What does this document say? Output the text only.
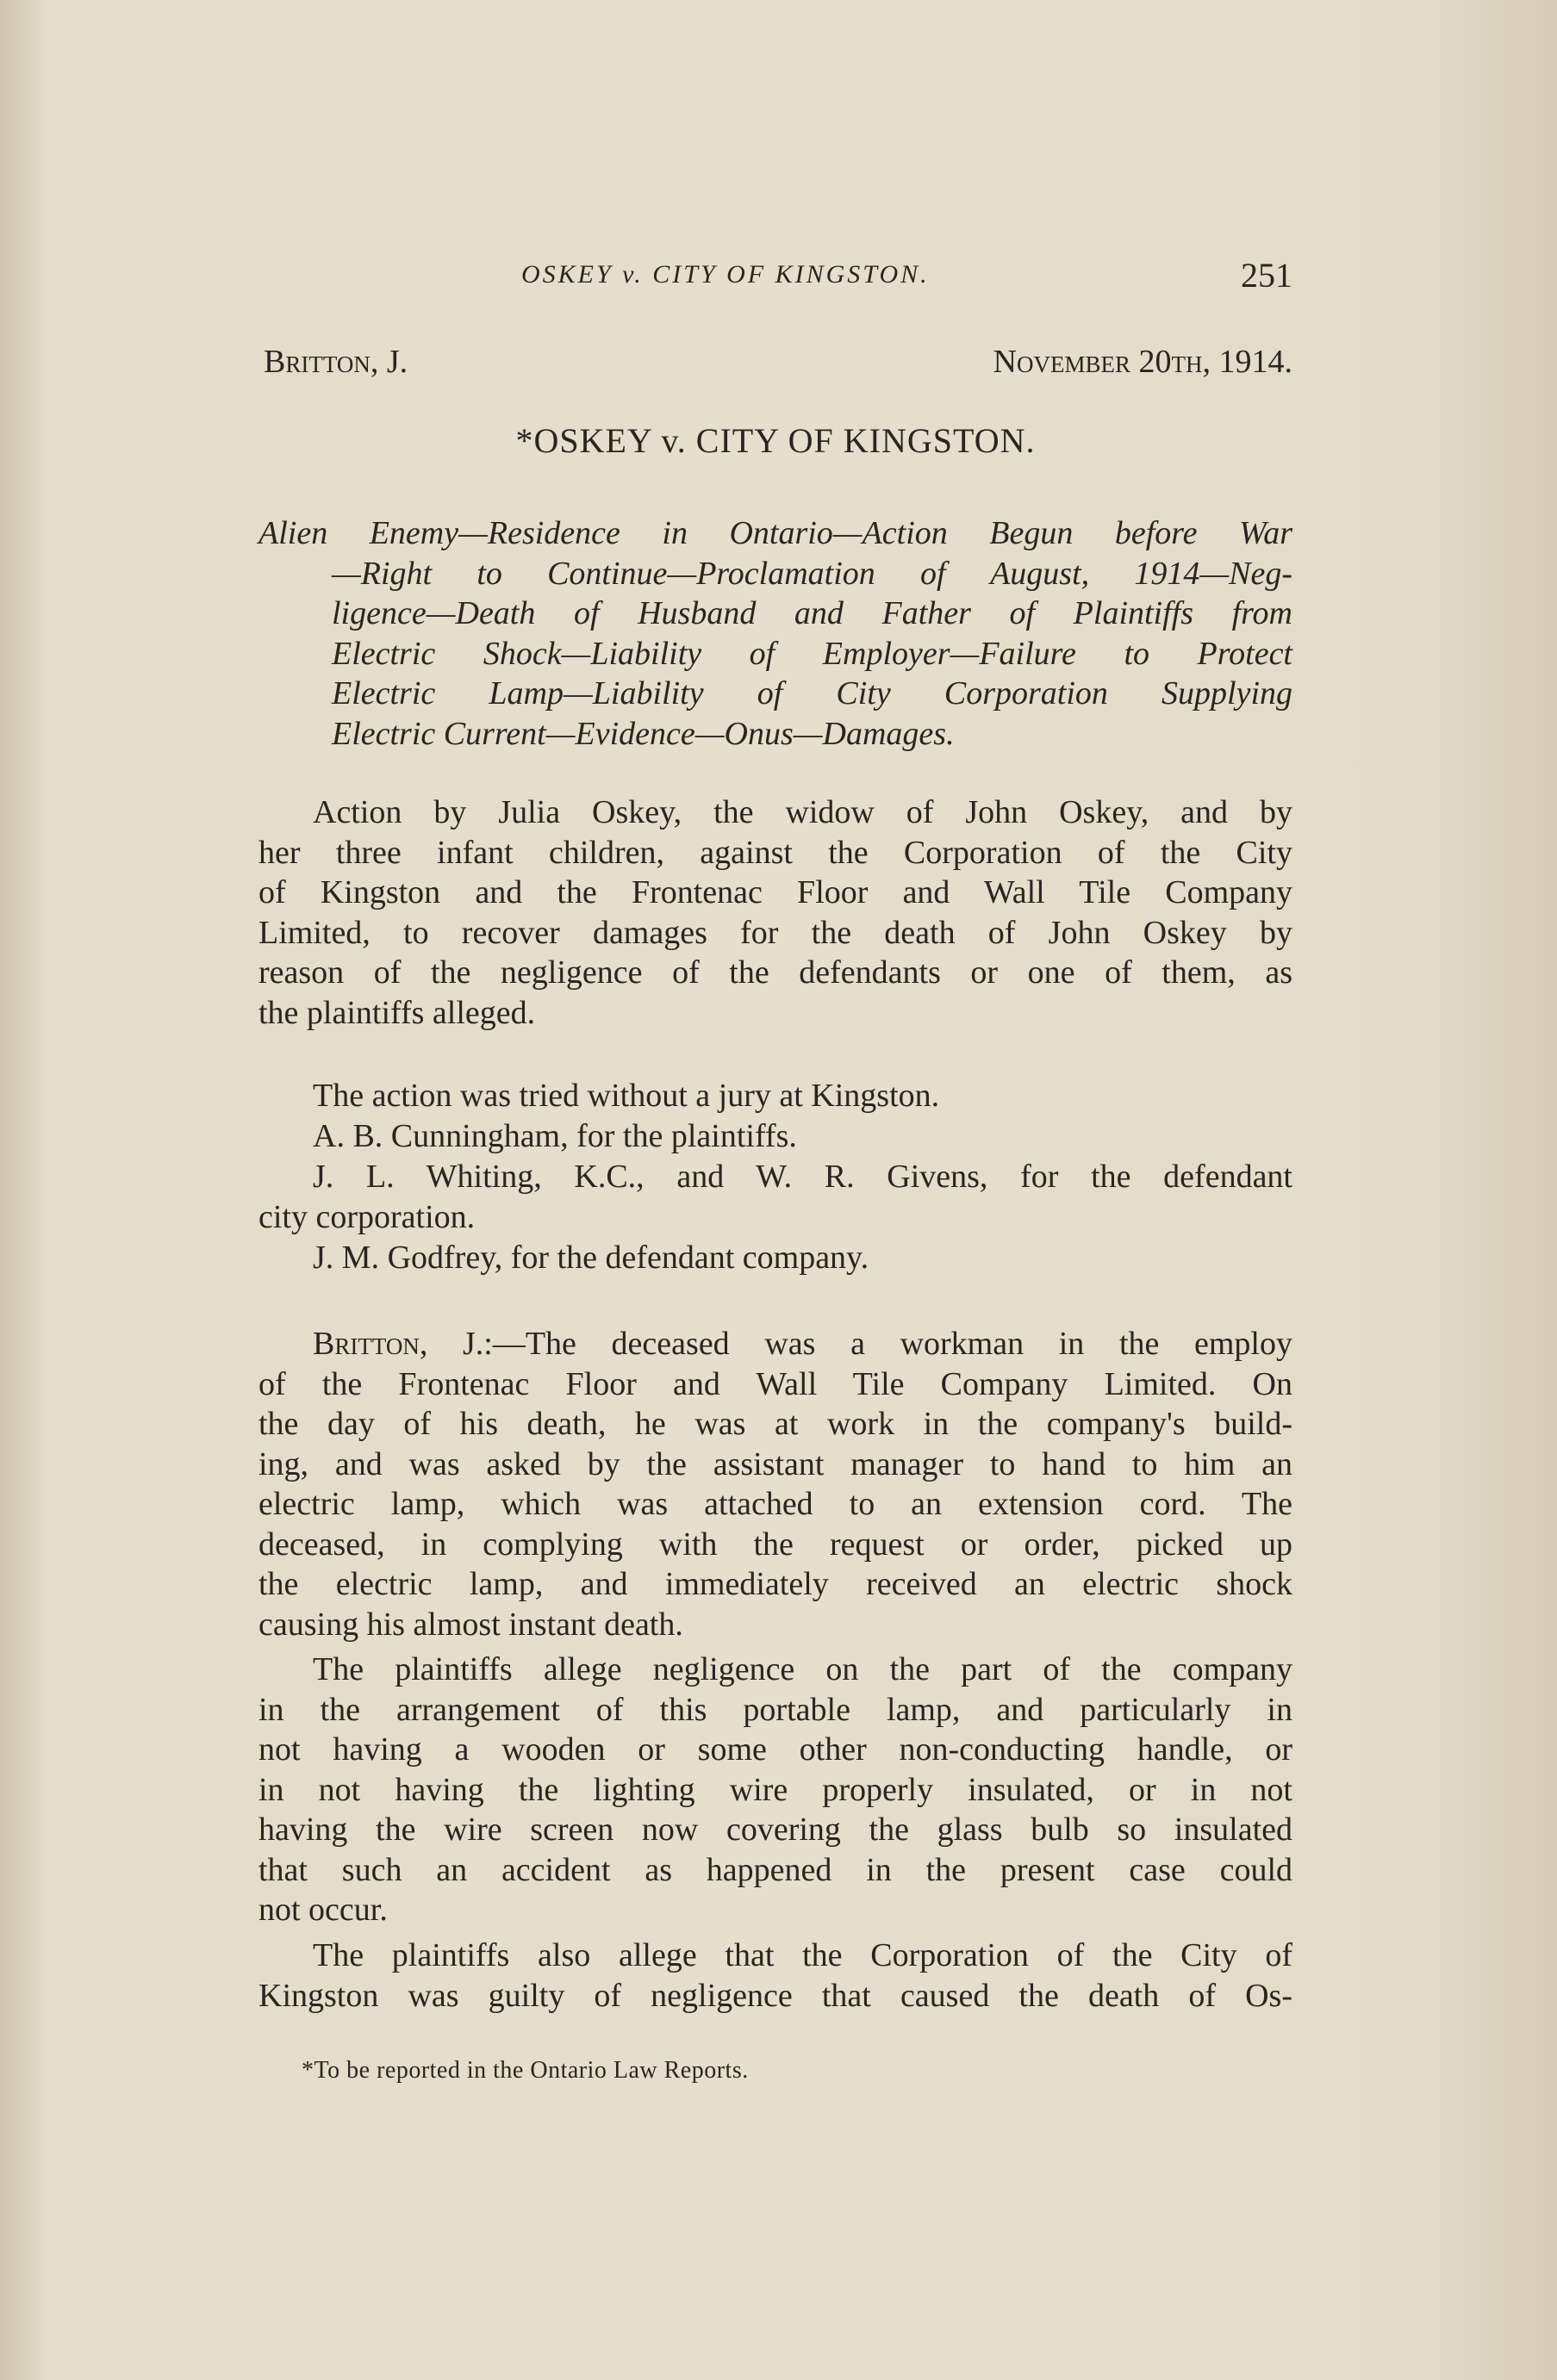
OSKEY v. CITY OF KINGSTON.	251
Britton, J.	November 20th, 1914.
*OSKEY v. CITY OF KINGSTON.
Alien Enemy—Residence in Ontario—Action Begun before War
—Right to Continue—Proclamation of August, 1914—Neg-
ligence—Death of Husband and Father of Plaintiffs from
Electric Shock—Liability of Employer—Failure to Protect
Electric Lamp—Liability of City Corporation Supplying
Electric Current—Evidence—Onus—Damages.
Action by Julia Oskey, the widow of John Oskey, and by
her three infant children, against the Corporation of the City
of Kingston and the Frontenac Floor and Wall Tile Company
Limited, to recover damages for the death of John Oskey by
reason of the negligence of the defendants or one of them, as
the plaintiffs alleged.
The action was tried without a jury at Kingston.
A. B. Cunningham, for the plaintiffs.
J. L. Whiting, K.C., and W. R. Givens, for the defendant
city corporation.
J. M. Godfrey, for the defendant company.
Britton, J.:—The deceased was a workman in the employ
of the Frontenac Floor and Wall Tile Company Limited. On
the day of his death, he was at work in the company's build-
ing, and was asked by the assistant manager to hand to him an
electric lamp, which was attached to an extension cord. The
deceased, in complying with the request or order, picked up
the electric lamp, and immediately received an electric shock
causing his almost instant death.
The plaintiffs allege negligence on the part of the company
in the arrangement of this portable lamp, and particularly in
not having a wooden or some other non-conducting handle, or
in not having the lighting wire properly insulated, or in not
having the wire screen now covering the glass bulb so insulated
that such an accident as happened in the present case could
not occur.
The plaintiffs also allege that the Corporation of the City of
Kingston was guilty of negligence that caused the death of Os-
*To be reported in the Ontario Law Reports.
